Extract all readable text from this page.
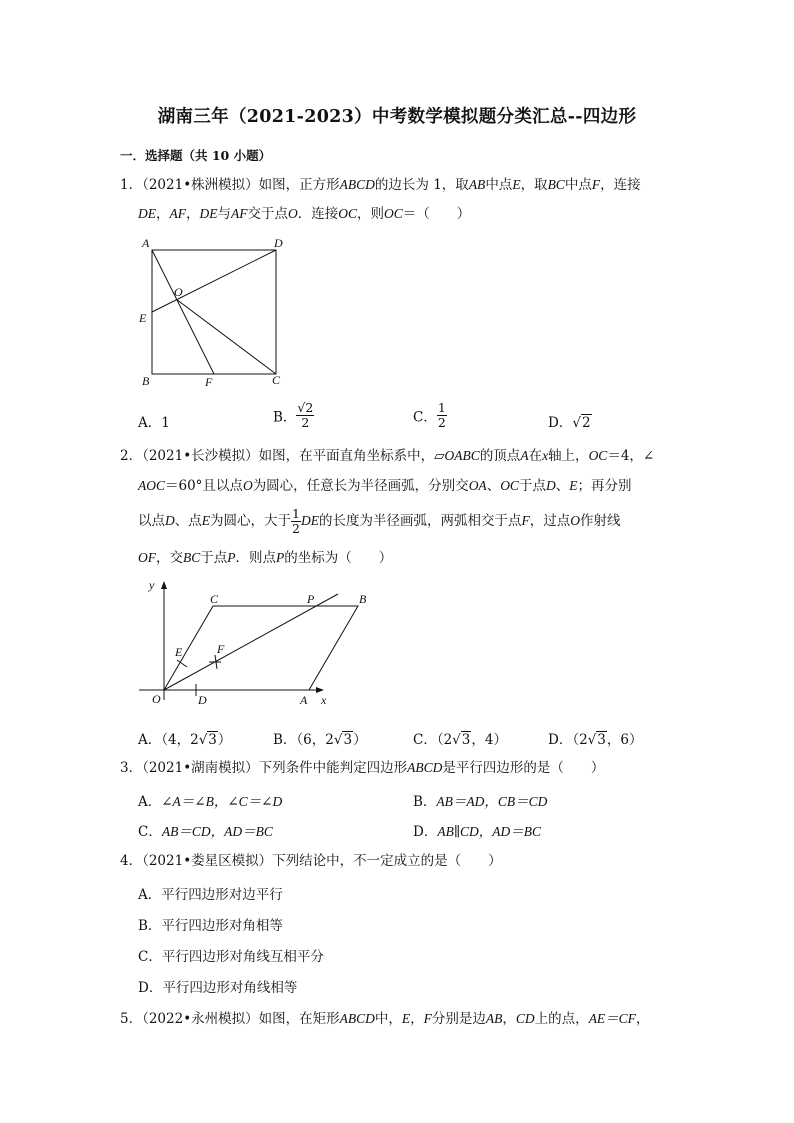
湖南三年（2021-2023）中考数学模拟题分类汇总--四边形
一．选择题（共 10 小题）
1．（2021•株洲模拟）如图，正方形ABCD的边长为 1，取AB中点E，取BC中点F，连接
DE，AF，DE与AF交于点O．连接OC，则OC＝（　　）
A	D
O
E
B	F	C
A．1	B． $\frac{√2}{2}$	C． $\frac{1}{2}$	D．√2
2．（2021•长沙模拟）如图，在平面直角坐标系中，▱OABC的顶点A在x轴上，OC＝4，∠
AOC＝60°且以点O为圆心，任意长为半径画弧，分别交OA、OC于点D、E；再分别
以点D、点E为圆心，大于 $\frac{1}{2}$ DE的长度为半径画弧，两弧相交于点F，过点O作射线
OF，交BC于点P．则点P的坐标为（　　）
y
C	P	B
E	F
O	D	A x
A．（4，2√3）	B．（6，2√3）	C．（2√3，4）	D．（2√3，6）
3．（2021•湖南模拟）下列条件中能判定四边形ABCD是平行四边形的是（　　）
A．∠A＝∠B，∠C＝∠D	B．AB＝AD，CB＝CD
C．AB＝CD，AD＝BC	D．AB∥CD，AD＝BC
4．（2021•娄星区模拟）下列结论中，不一定成立的是（　　）
A．平行四边形对边平行
B．平行四边形对角相等
C．平行四边形对角线互相平分
D．平行四边形对角线相等
5．（2022•永州模拟）如图，在矩形ABCD中，E，F分别是边AB，CD上的点，AE＝CF，
